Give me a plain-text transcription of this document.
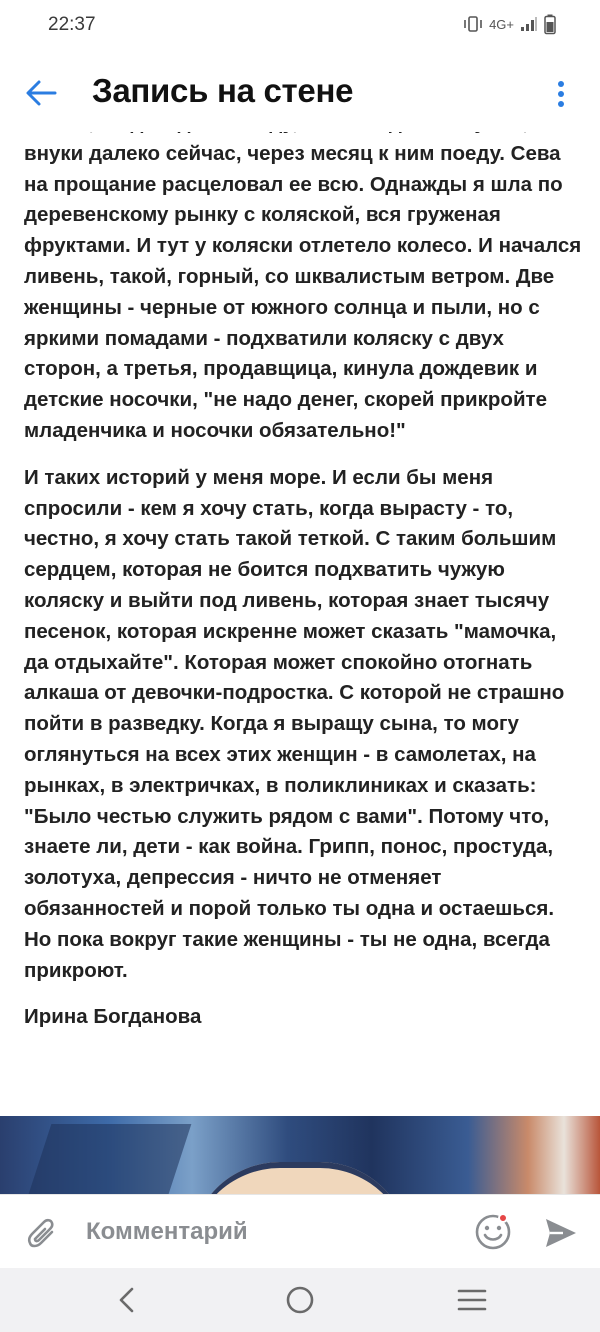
22:37	4G+
Запись на стене

внуки далеко сейчас, через месяц к ним поеду. Сева на прощание расцеловал ее всю. Однажды я шла по деревенскому рынку с коляской, вся груженая фруктами. И тут у коляски отлетело колесо. И начался ливень, такой, горный, со шквалистым ветром. Две женщины - черные от южного солнца и пыли, но с яркими помадами - подхватили коляску с двух сторон, а третья, продавщица, кинула дождевик и детские носочки, "не надо денег, скорей прикройте младенчика и носочки обязательно!"

И таких историй у меня море. И если бы меня спросили - кем я хочу стать, когда вырасту - то, честно, я хочу стать такой теткой. С таким большим сердцем, которая не боится подхватить чужую коляску и выйти под ливень, которая знает тысячу песенок, которая искренне может сказать "мамочка, да отдыхайте". Которая может спокойно отогнать алкаша от девочки-подростка. С которой не страшно пойти в разведку. Когда я выращу сына, то могу оглянуться на всех этих женщин - в самолетах, на рынках, в электричках, в поликлиниках и сказать: "Было честью служить рядом с вами". Потому что, знаете ли, дети - как война. Грипп, понос, простуда, золотуха, депрессия - ничто не отменяет обязанностей и порой только ты одна и остаешься. Но пока вокруг такие женщины - ты не одна, всегда прикроют.

Ирина Богданова

Комментарий
